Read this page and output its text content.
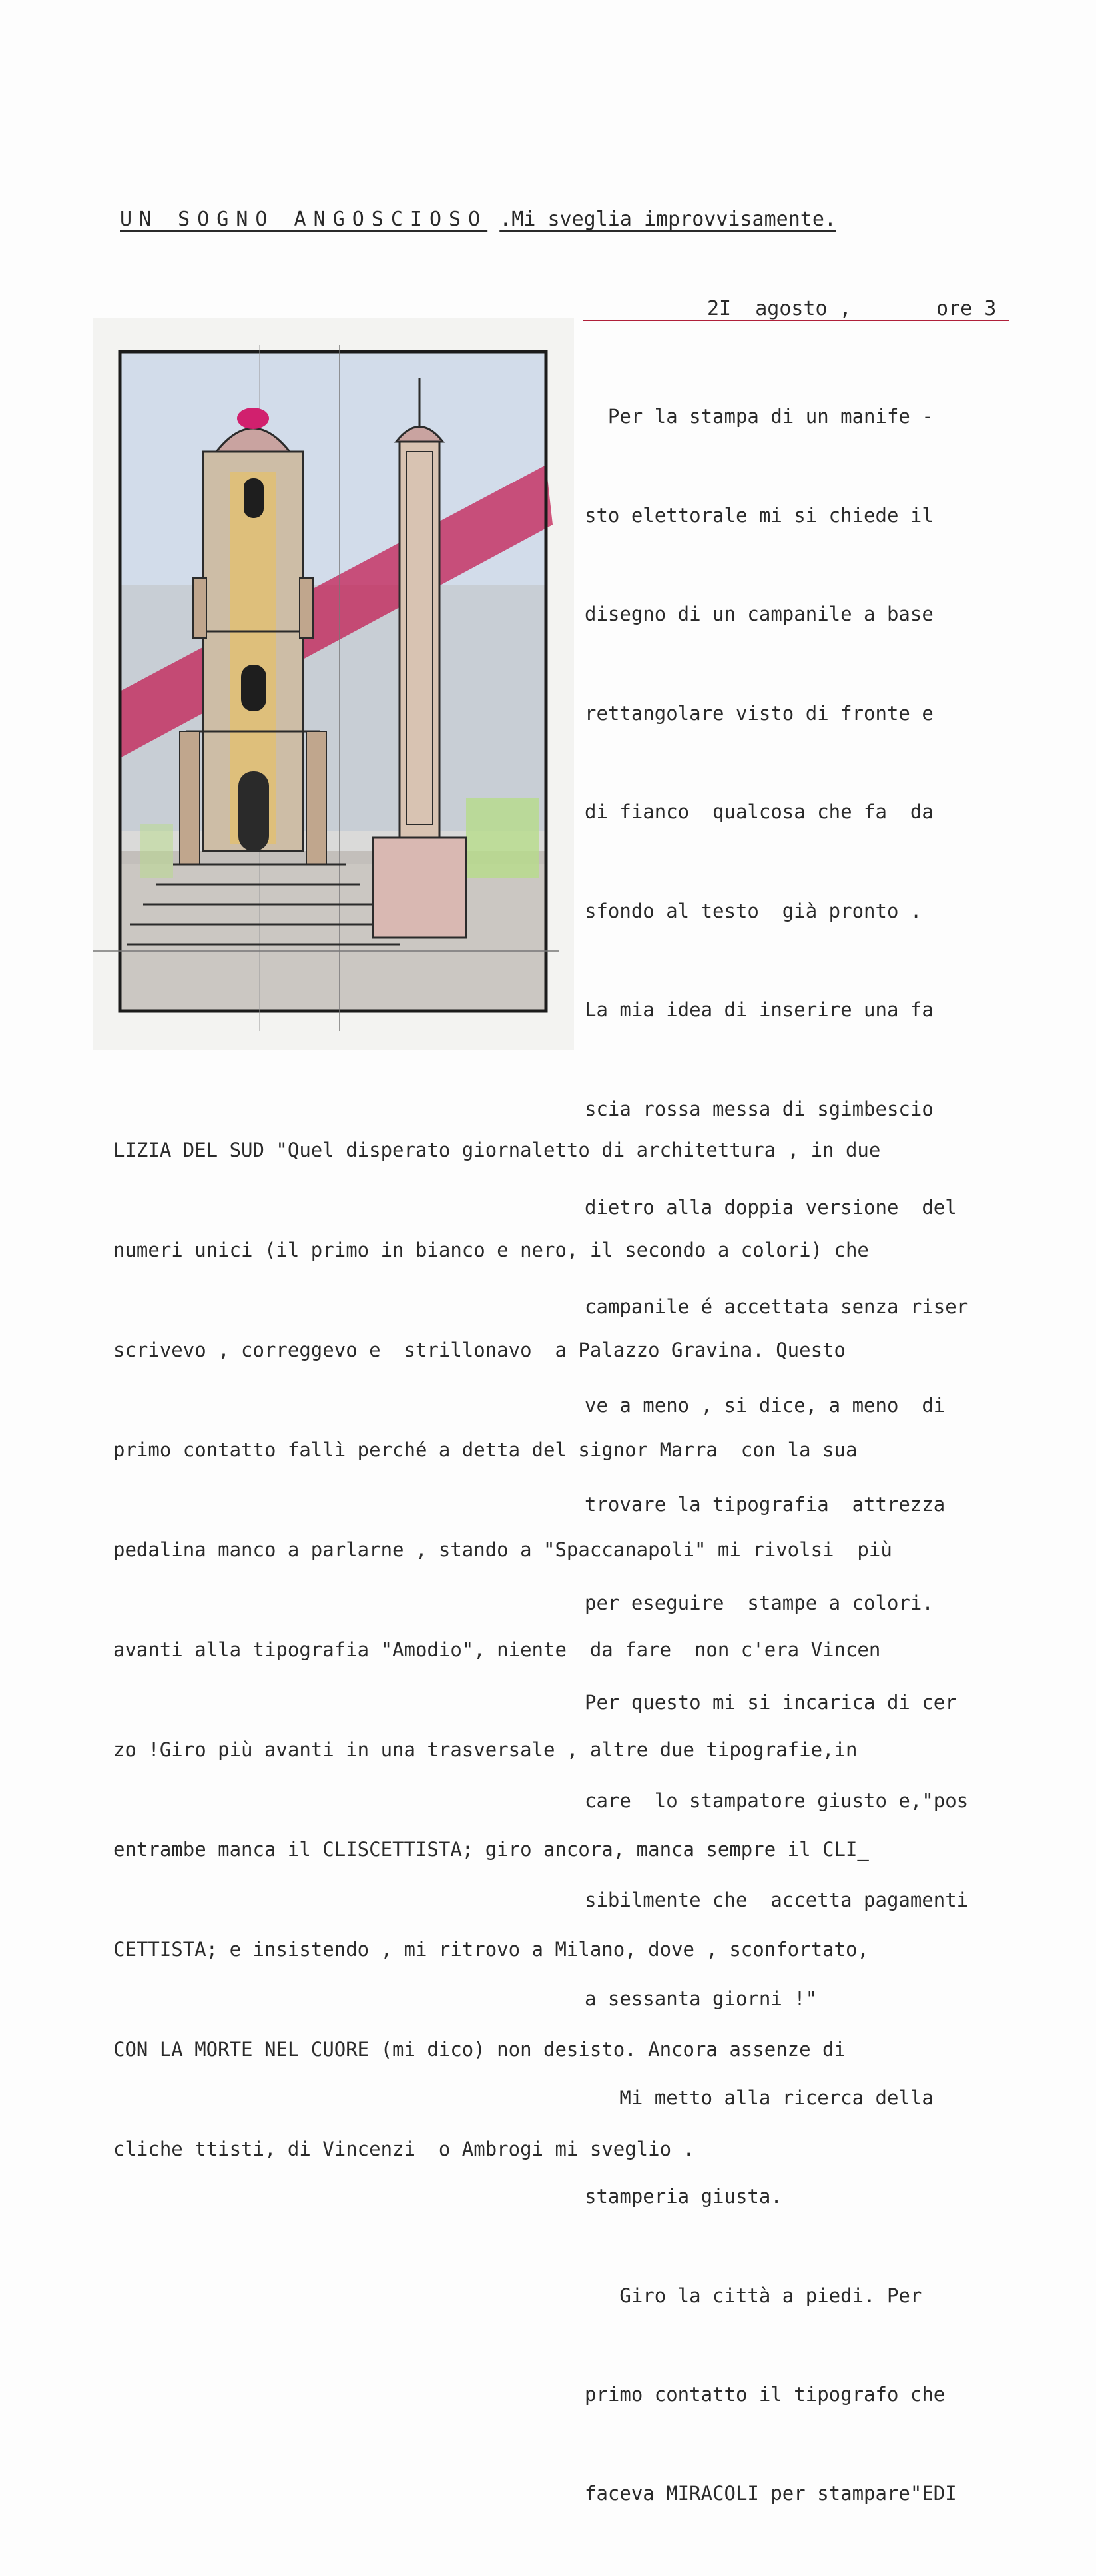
UN SOGNO ANGOSCIOSO .Mi sveglia improvvisamente.

2I  agosto ,

	ore 3

Per la stampa di un manife -

sto elettorale mi si chiede il

disegno di un campanile a base

rettangolare visto di fronte e

di fianco  qualcosa che fa  da

sfondo al testo  già pronto .

La mia idea di inserire una fa

scia rossa messa di sgimbescio

dietro alla doppia versione  del

campanile é accettata senza riser

ve a meno , si dice, a meno  di

trovare la tipografia  attrezza

per eseguire  stampe a colori.

Per questo mi si incarica di cer

care  lo stampatore giusto e,"pos

sibilmente che  accetta pagamenti

a sessanta giorni !"

Mi metto alla ricerca della

stamperia giusta.

Giro la città a piedi. Per

primo contatto il tipografo che

faceva MIRACOLI per stampare"EDI

LIZIA DEL SUD "Quel disperato giornaletto di architettura , in due

numeri unici (il primo in bianco e nero, il secondo a colori) che

scrivevo , correggevo e  strillonavo  a Palazzo Gravina. Questo

primo contatto fallì perché a detta del signor Marra  con la sua

pedalina manco a parlarne , stando a "Spaccanapoli" mi rivolsi  più

avanti alla tipografia "Amodio", niente  da fare  non c'era Vincen

zo !Giro più avanti in una trasversale , altre due tipografie,in

entrambe manca il CLISCETTISTA; giro ancora, manca sempre il CLI_

CETTISTA; e insistendo , mi ritrovo a Milano, dove , sconfortato,

CON LA MORTE NEL CUORE (mi dico) non desisto. Ancora assenze di

cliche ttisti, di Vincenzi  o Ambrogi mi sveglio .
